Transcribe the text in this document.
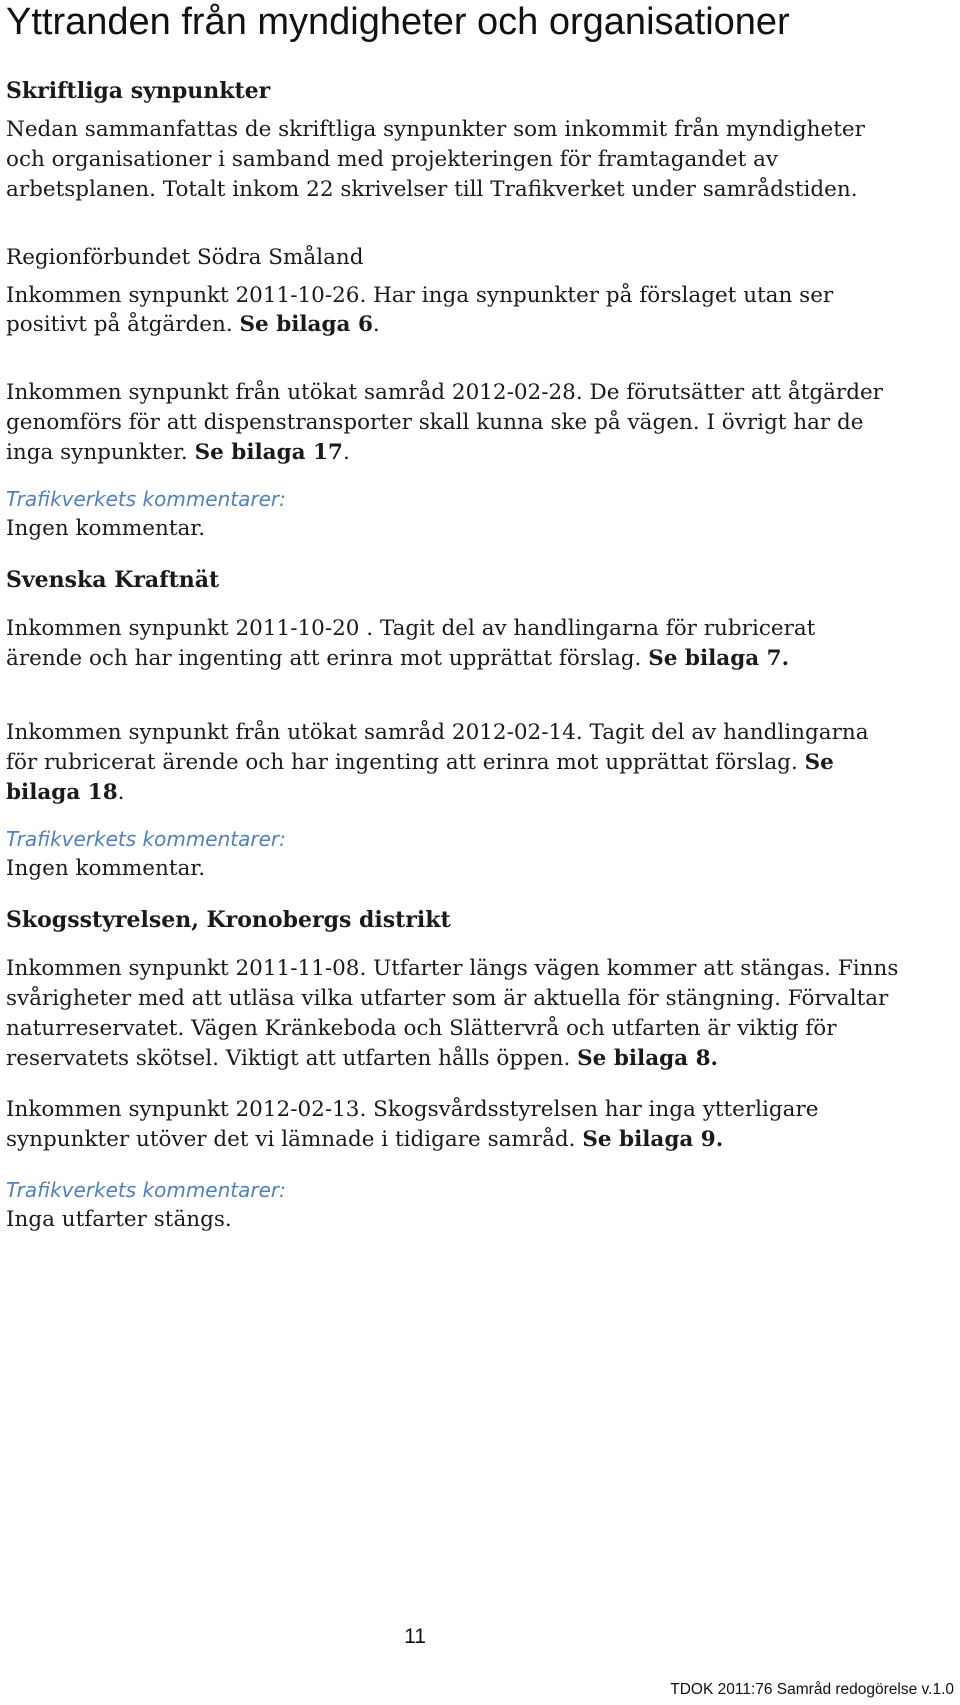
Yttranden från myndigheter och organisationer
Skriftliga synpunkter

Nedan sammanfattas de skriftliga synpunkter som inkommit från myndigheter

och organisationer i samband med projekteringen för framtagandet av

arbetsplanen. Totalt inkom 22 skrivelser till Trafikverket under samrådstiden.

Regionförbundet Södra Småland

Inkommen synpunkt 2011-10-26. Har inga synpunkter på förslaget utan ser

positivt på åtgärden. Se bilaga 6.

Inkommen synpunkt från utökat samråd 2012-02-28. De förutsätter att åtgärder

genomförs för att dispenstransporter skall kunna ske på vägen. I övrigt har de

inga synpunkter. Se bilaga 17.

Trafikverkets kommentarer:

Ingen kommentar.

Svenska Kraftnät

Inkommen synpunkt 2011-10-20 . Tagit del av handlingarna för rubricerat

ärende och har ingenting att erinra mot upprättat förslag. Se bilaga 7.

Inkommen synpunkt från utökat samråd 2012-02-14. Tagit del av handlingarna

för rubricerat ärende och har ingenting att erinra mot upprättat förslag. Se

bilaga 18.

Trafikverkets kommentarer:

Ingen kommentar.

Skogsstyrelsen, Kronobergs distrikt

Inkommen synpunkt 2011-11-08. Utfarter längs vägen kommer att stängas. Finns

svårigheter med att utläsa vilka utfarter som är aktuella för stängning. Förvaltar

naturreservatet. Vägen Kränkeboda och Slättervrå och utfarten är viktig för

reservatets skötsel. Viktigt att utfarten hålls öppen. Se bilaga 8.

Inkommen synpunkt 2012-02-13. Skogsvårdsstyrelsen har inga ytterligare

synpunkter utöver det vi lämnade i tidigare samråd. Se bilaga 9.

Trafikverkets kommentarer:

Inga utfarter stängs.

11
TDOK 2011:76 Samråd redogörelse v.1.0
